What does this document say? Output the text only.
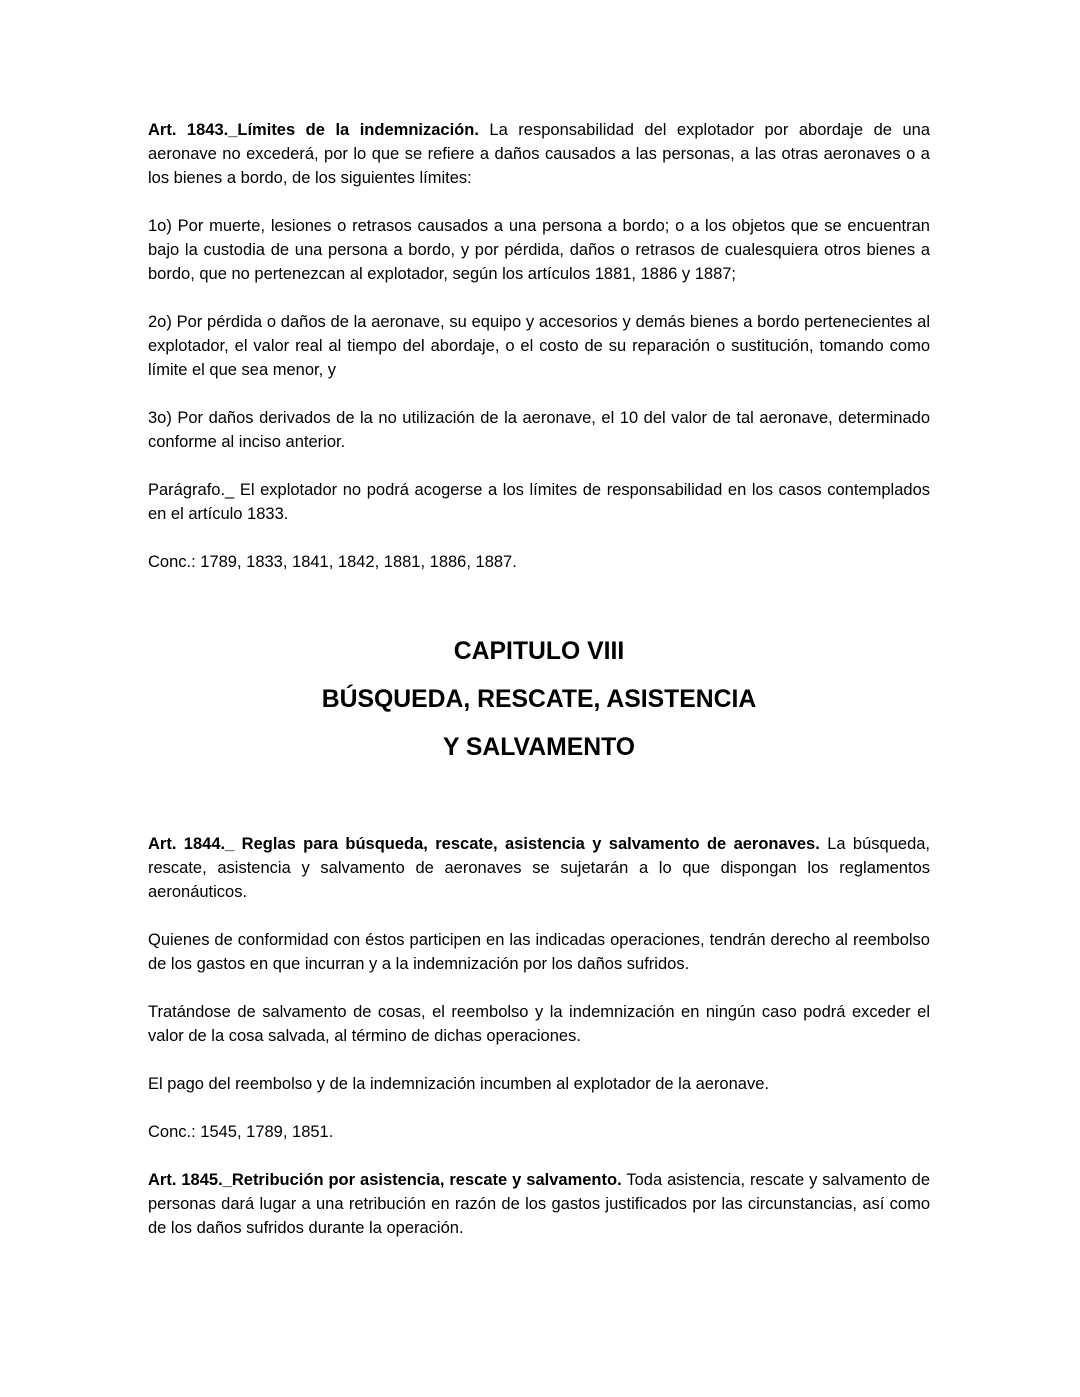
Art. 1843._Límites de la indemnización. La responsabilidad del explotador por abordaje de una aeronave no excederá, por lo que se refiere a daños causados a las personas, a las otras aeronaves o a los bienes a bordo, de los siguientes límites:

1o) Por muerte, lesiones o retrasos causados a una persona a bordo; o a los objetos que se encuentran bajo la custodia de una persona a bordo, y por pérdida, daños o retrasos de cualesquiera otros bienes a bordo, que no pertenezcan al explotador, según los artículos 1881, 1886 y 1887;

2o) Por pérdida o daños de la aeronave, su equipo y accesorios y demás bienes a bordo pertenecientes al explotador, el valor real al tiempo del abordaje, o el costo de su reparación o sustitución, tomando como límite el que sea menor, y

3o) Por daños derivados de la no utilización de la aeronave, el 10 del valor de tal aeronave, determinado conforme al inciso anterior.

Parágrafo._ El explotador no podrá acogerse a los límites de responsabilidad en los casos contemplados en el artículo 1833.

Conc.: 1789, 1833, 1841, 1842, 1881, 1886, 1887.

CAPITULO VIII
BÚSQUEDA, RESCATE, ASISTENCIA
Y SALVAMENTO

Art. 1844._ Reglas para búsqueda, rescate, asistencia y salvamento de aeronaves. La búsqueda, rescate, asistencia y salvamento de aeronaves se sujetarán a lo que dispongan los reglamentos aeronáuticos.

Quienes de conformidad con éstos participen en las indicadas operaciones, tendrán derecho al reembolso de los gastos en que incurran y a la indemnización por los daños sufridos.

Tratándose de salvamento de cosas, el reembolso y la indemnización en ningún caso podrá exceder el valor de la cosa salvada, al término de dichas operaciones.

El pago del reembolso y de la indemnización incumben al explotador de la aeronave.

Conc.: 1545, 1789, 1851.

Art. 1845._Retribución por asistencia, rescate y salvamento. Toda asistencia, rescate y salvamento de personas dará lugar a una retribución en razón de los gastos justificados por las circunstancias, así como de los daños sufridos durante la operación.
